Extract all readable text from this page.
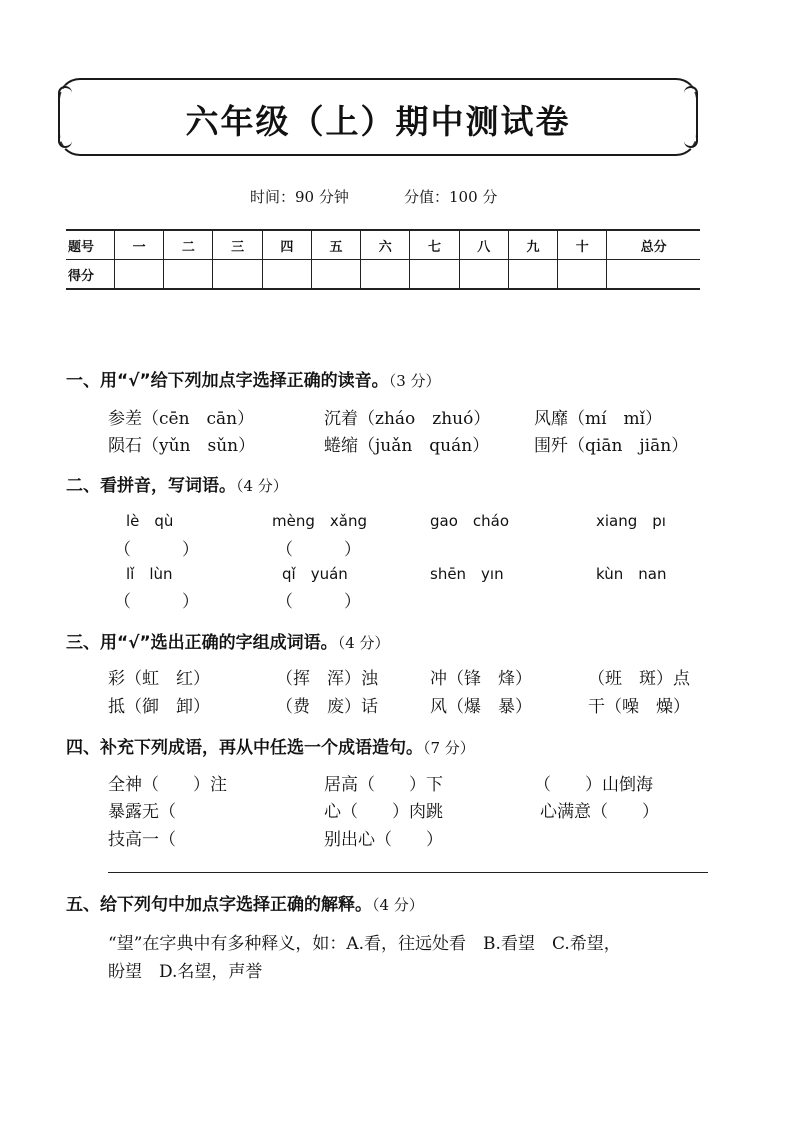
六年级（上）期中测试卷
时间：90 分钟	分值：100 分
题号	一	二	三	四	五	六	七	八	九	十	总分
得分											
一、用“√”给下列加点字选择正确的读音。（3 分）
参差（cēn　cān）	沉着（zháo　zhuó）	风靡（mí　mǐ）
陨石（yǔn　sǔn）	蜷缩（juǎn　quán）	围歼（qiān　jiān）
二、看拼音，写词语。（4 分）
lè　qù	mèng　xǎng	gao　cháo	xiang　pı
（　　　）	（　　　）
lǐ　lùn	qǐ　yuán	shēn　yın	kùn　nan
（　　　）	（　　　）
三、用“√”选出正确的字组成词语。（4 分）
彩（虹　红）	（挥　浑）浊	冲（锋　烽）	（班　斑）点
抵（御　卸）	（费　废）话	风（爆　暴）	干（噪　燥）
四、补充下列成语，再从中任选一个成语造句。（7 分）
全神（　　）注	居高（　　）下	（　　）山倒海
暴露无（　　	心（　　）肉跳	心满意（　　）
技高一（	别出心（　　）
五、给下列句中加点字选择正确的解释。（4 分）
“望”在字典中有多种释义，如：A.看，往远处看　B.看望　C.希望，
盼望　D.名望，声誉
